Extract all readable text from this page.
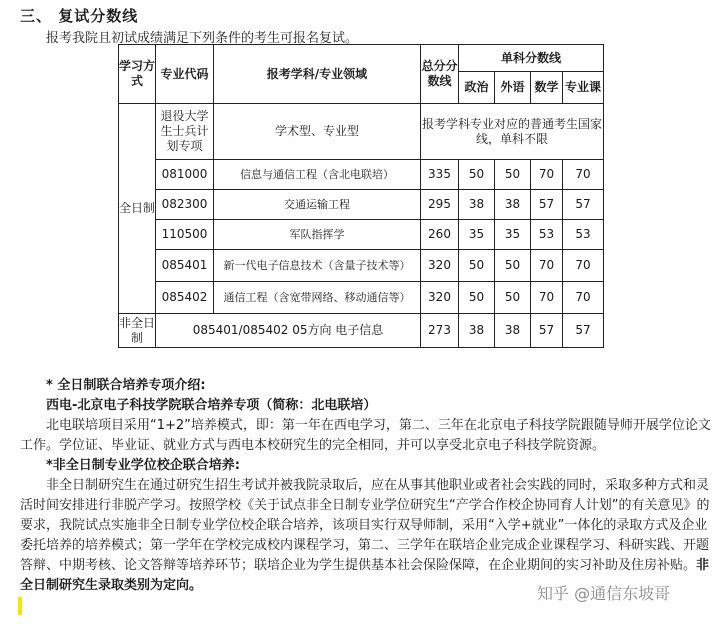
三、 复试分数线
报考我院且初试成绩满足下列条件的考生可报名复试。
学习方式	专业代码	报考学科/专业领域	总分分数线	单科分数线			
				政治	外语	数学	专业课
全日制	退役大学生士兵计划专项	学术型、专业型	报考学科专业对应的普通考生国家线，单科不限				
	081000	信息与通信工程（含北电联培）	335	50	50	70	70
	082300	交通运输工程	295	38	38	57	57
	110500	军队指挥学	260	35	35	53	53
	085401	新一代电子信息技术（含量子技术等）	320	50	50	70	70
	085402	通信工程（含宽带网络、移动通信等）	320	50	50	70	70
非全日制	085401/085402 05方向 电子信息		273	38	38	57	57

* 全日制联合培养专项介绍:

西电-北京电子科技学院联合培养专项（简称：北电联培）

北电联培项目采用“1+2”培养模式，即：第一年在西电学习，第二、三年在北京电子科技学院跟随导师开展学位论文工作。学位证、毕业证、就业方式与西电本校研究生的完全相同，并可以享受北京电子科技学院资源。

*非全日制专业学位校企联合培养:

非全日制研究生在通过研究生招生考试并被我院录取后，应在从事其他职业或者社会实践的同时，采取多种方式和灵活时间安排进行非脱产学习。按照学校《关于试点非全日制专业学位研究生“产学合作校企协同育人计划”的有关意见》的要求，我院试点实施非全日制专业学位校企联合培养，该项目实行双导师制，采用“入学+就业”一体化的录取方式及企业委托培养的培养模式；第一学年在学校完成校内课程学习，第二、三学年在联培企业完成企业课程学习、科研实践、开题答辩、中期考核、论文答辩等培养环节；联培企业为学生提供基本社会保险保障，在企业期间的实习补助及住房补贴。非全日制研究生录取类别为定向。	知乎 @通信东坡哥
